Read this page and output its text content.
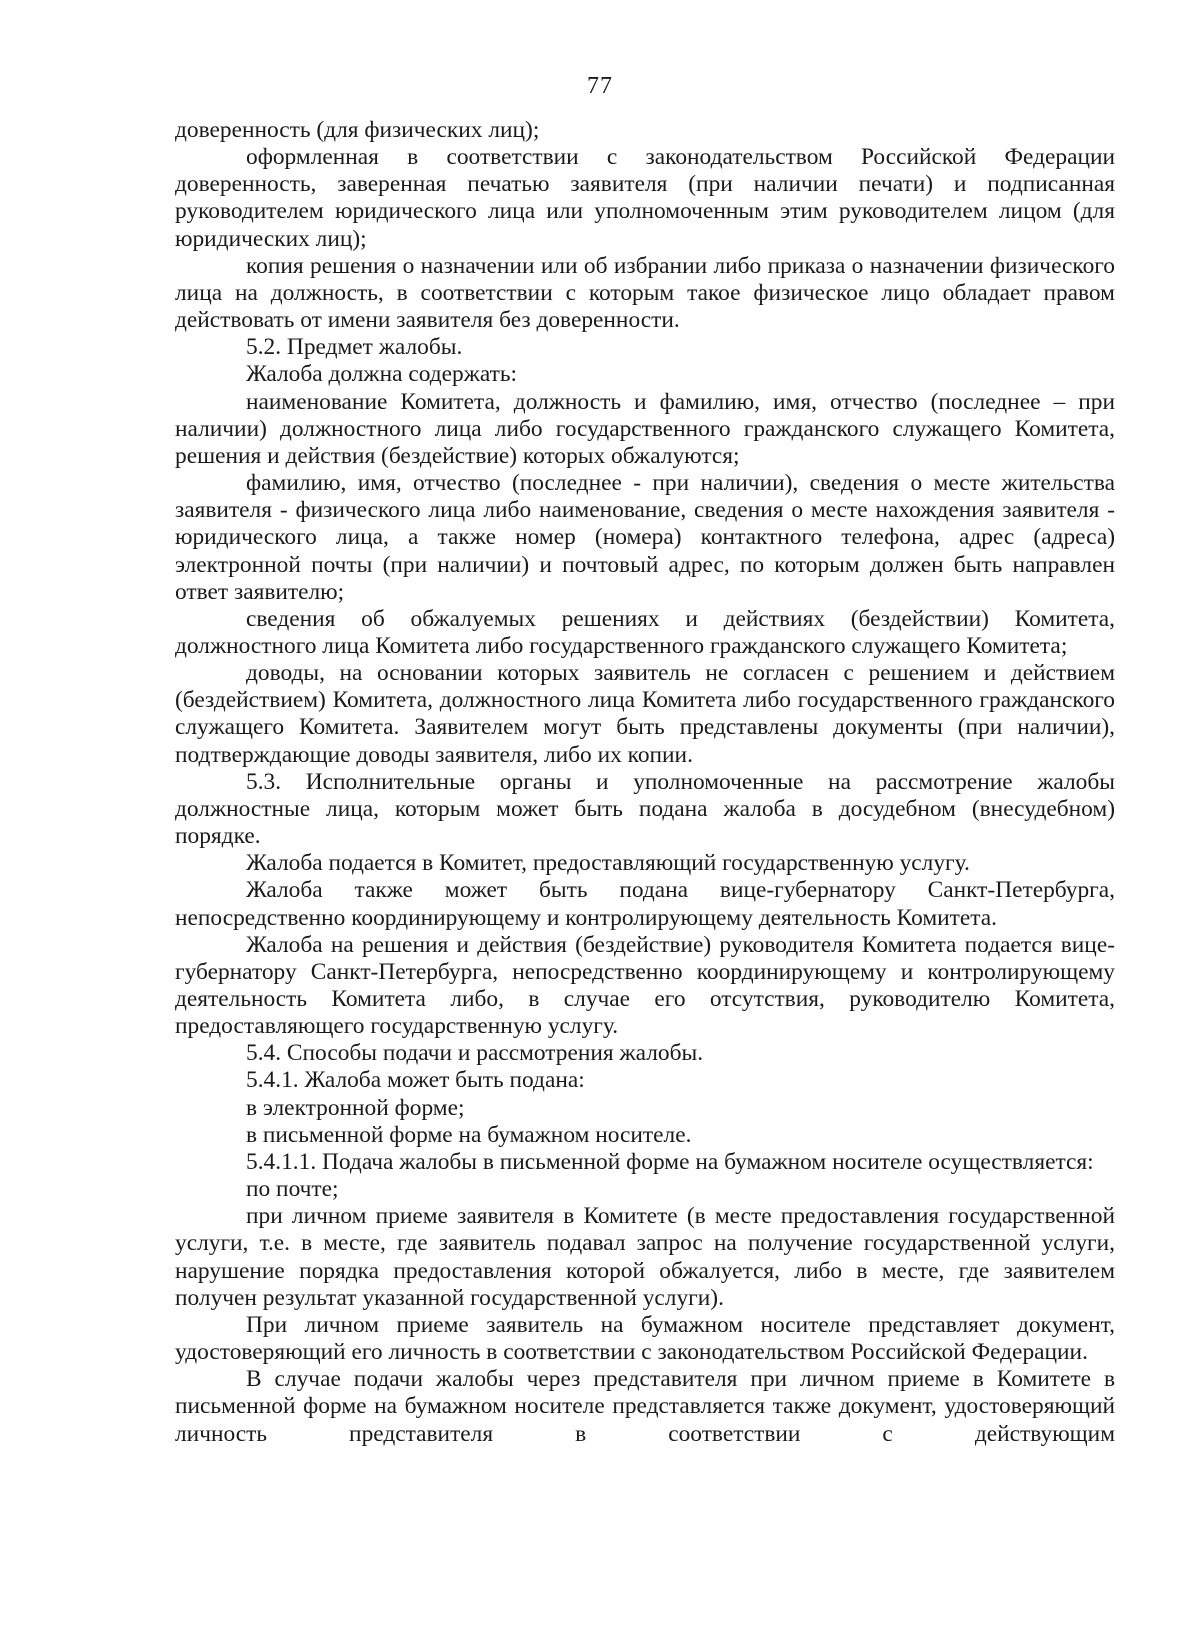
77

доверенность (для физических лиц);

оформленная в соответствии с законодательством Российской Федерации доверенность, заверенная печатью заявителя (при наличии печати) и подписанная руководителем юридического лица или уполномоченным этим руководителем лицом (для юридических лиц);

копия решения о назначении или об избрании либо приказа о назначении физического лица на должность, в соответствии с которым такое физическое лицо обладает правом действовать от имени заявителя без доверенности.

5.2. Предмет жалобы.

Жалоба должна содержать:

наименование Комитета, должность и фамилию, имя, отчество (последнее – при наличии) должностного лица либо государственного гражданского служащего Комитета, решения и действия (бездействие) которых обжалуются;

фамилию, имя, отчество (последнее - при наличии), сведения о месте жительства заявителя - физического лица либо наименование, сведения о месте нахождения заявителя - юридического лица, а также номер (номера) контактного телефона, адрес (адреса) электронной почты (при наличии) и почтовый адрес, по которым должен быть направлен ответ заявителю;

сведения об обжалуемых решениях и действиях (бездействии) Комитета, должностного лица Комитета либо государственного гражданского служащего Комитета;

доводы, на основании которых заявитель не согласен с решением и действием (бездействием) Комитета, должностного лица Комитета либо государственного гражданского служащего Комитета. Заявителем могут быть представлены документы (при наличии), подтверждающие доводы заявителя, либо их копии.

5.3. Исполнительные органы и уполномоченные на рассмотрение жалобы должностные лица, которым может быть подана жалоба в досудебном (внесудебном) порядке.

Жалоба подается в Комитет, предоставляющий государственную услугу.

Жалоба также может быть подана вице-губернатору Санкт-Петербурга, непосредственно координирующему и контролирующему деятельность Комитета.

Жалоба на решения и действия (бездействие) руководителя Комитета подается вице-губернатору Санкт-Петербурга, непосредственно координирующему и контролирующему деятельность Комитета либо, в случае его отсутствия, руководителю Комитета, предоставляющего государственную услугу.

5.4. Способы подачи и рассмотрения жалобы.

5.4.1. Жалоба может быть подана:

в электронной форме;

в письменной форме на бумажном носителе.

5.4.1.1. Подача жалобы в письменной форме на бумажном носителе осуществляется:

по почте;

при личном приеме заявителя в Комитете (в месте предоставления государственной услуги, т.е. в месте, где заявитель подавал запрос на получение государственной услуги, нарушение порядка предоставления которой обжалуется, либо в месте, где заявителем получен результат указанной государственной услуги).

При личном приеме заявитель на бумажном носителе представляет документ, удостоверяющий его личность в соответствии с законодательством Российской Федерации.

В случае подачи жалобы через представителя при личном приеме в Комитете в письменной форме на бумажном носителе представляется также документ, удостоверяющий личность представителя в соответствии с действующим
